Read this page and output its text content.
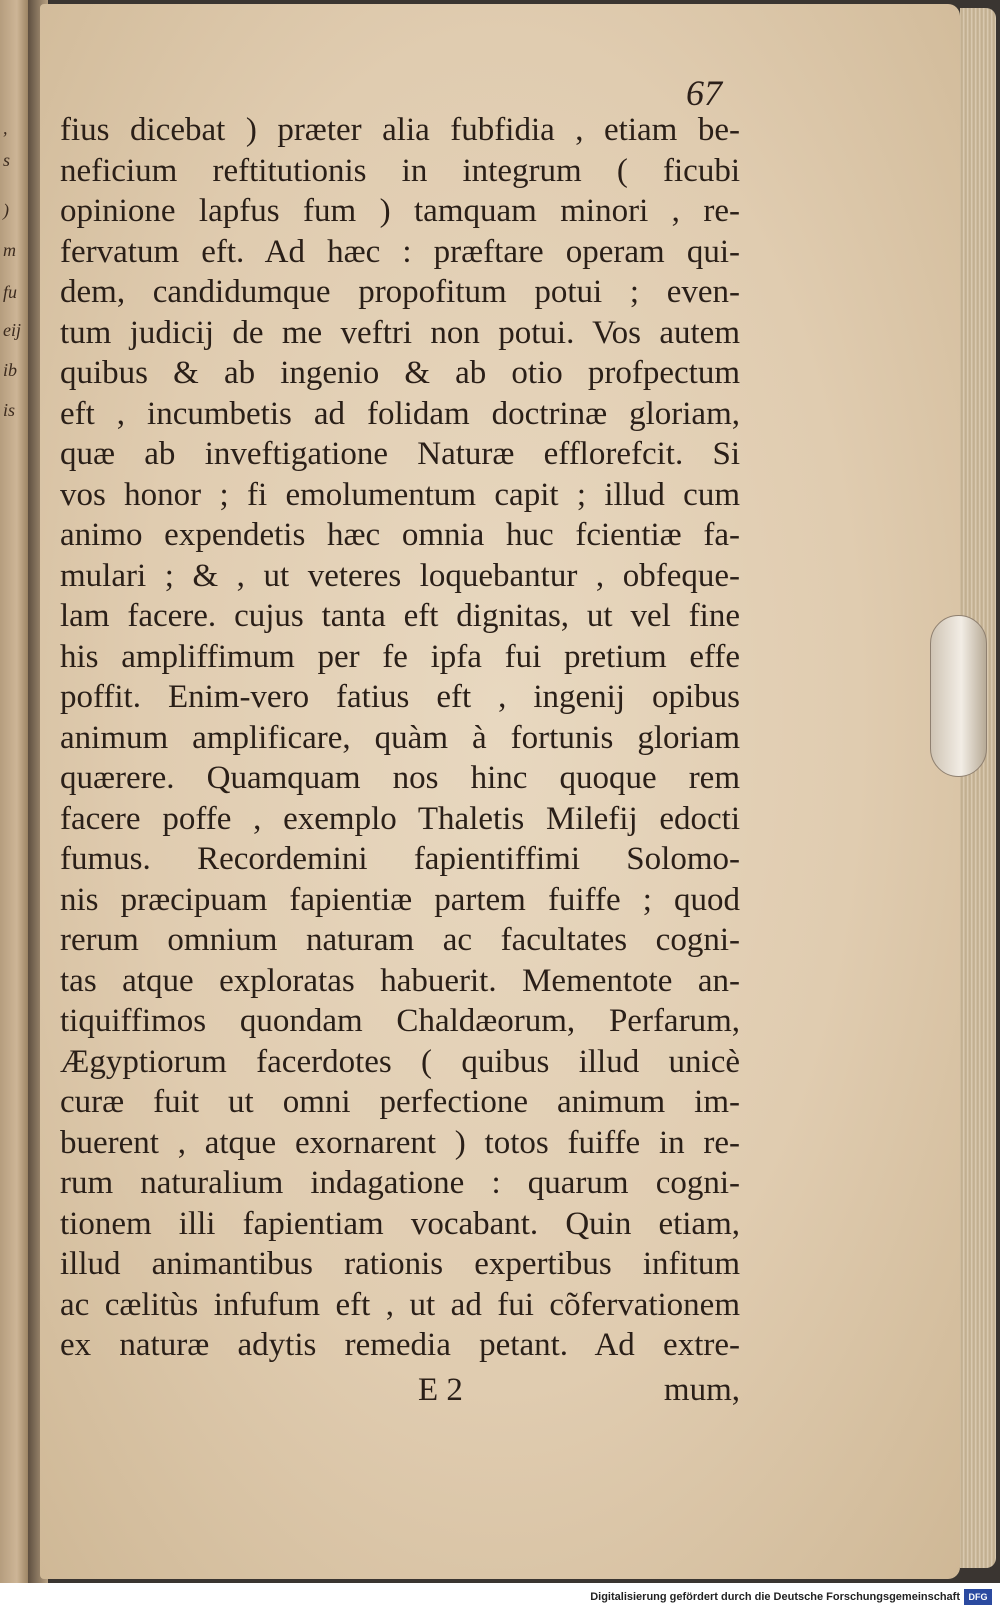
,
s
)
m
fu
eij
ib
is
67
fius dicebat ) præter alia fubfidia , etiam be-
neficium reftitutionis in integrum ( ficubi
opinione lapfus fum ) tamquam minori , re-
fervatum eft. Ad hæc : præftare operam qui-
dem, candidumque propofitum potui ; even-
tum judicij de me veftri non potui. Vos autem
quibus & ab ingenio & ab otio profpectum
eft , incumbetis ad folidam doctrinæ gloriam,
quæ ab inveftigatione Naturæ efflorefcit. Si
vos honor ; fi emolumentum capit ; illud cum
animo expendetis hæc omnia huc fcientiæ fa-
mulari ; & , ut veteres loquebantur , obfeque-
lam facere. cujus tanta eft dignitas, ut vel fine
his ampliffimum per fe ipfa fui pretium effe
poffit. Enim-vero fatius eft , ingenij opibus
animum amplificare, quàm à fortunis gloriam
quærere. Quamquam nos hinc quoque rem
facere poffe , exemplo Thaletis Milefij edocti
fumus. Recordemini fapientiffimi Solomo-
nis præcipuam fapientiæ partem fuiffe ; quod
rerum omnium naturam ac facultates cogni-
tas atque exploratas habuerit. Mementote an-
tiquiffimos quondam Chaldæorum, Perfarum,
Ægyptiorum facerdotes ( quibus illud unicè
curæ fuit ut omni perfectione animum im-
buerent , atque exornarent ) totos fuiffe in re-
rum naturalium indagatione : quarum cogni-
tionem illi fapientiam vocabant. Quin etiam,
illud animantibus rationis expertibus infitum
ac cælitùs infufum eft , ut ad fui cõfervationem
ex naturæ adytis remedia petant. Ad extre-
E 2	mum,
Digitalisierung gefördert durch die Deutsche Forschungsgemeinschaft DFG
